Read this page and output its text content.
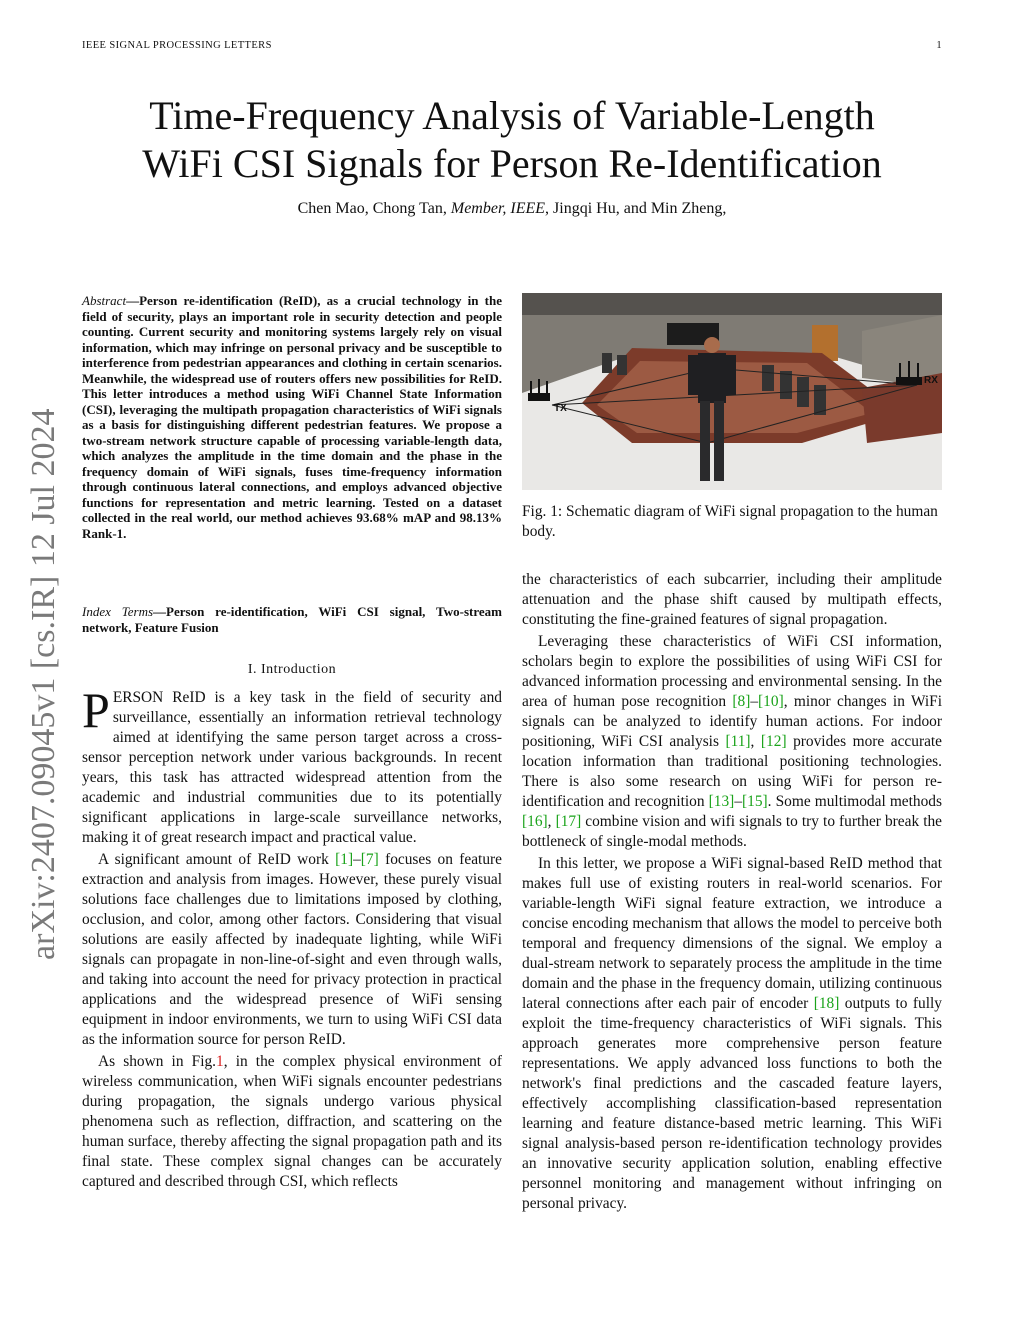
IEEE SIGNAL PROCESSING LETTERS	1
arXiv:2407.09045v1 [cs.IR] 12 Jul 2024
Time-Frequency Analysis of Variable-Length
WiFi CSI Signals for Person Re-Identification
Chen Mao, Chong Tan, Member, IEEE, Jingqi Hu, and Min Zheng,
Abstract—Person re-identification (ReID), as a crucial technology in the field of security, plays an important role in security detection and people counting. Current security and monitoring systems largely rely on visual information, which may infringe on personal privacy and be susceptible to interference from pedestrian appearances and clothing in certain scenarios. Meanwhile, the widespread use of routers offers new possibilities for ReID. This letter introduces a method using WiFi Channel State Information (CSI), leveraging the multipath propagation characteristics of WiFi signals as a basis for distinguishing different pedestrian features. We propose a two-stream network structure capable of processing variable-length data, which analyzes the amplitude in the time domain and the phase in the frequency domain of WiFi signals, fuses time-frequency information through continuous lateral connections, and employs advanced objective functions for representation and metric learning. Tested on a dataset collected in the real world, our method achieves 93.68% mAP and 98.13% Rank-1.
Index Terms—Person re-identification, WiFi CSI signal, Two-stream network, Feature Fusion
I. Introduction

PERSON ReID is a key task in the field of security and surveillance, essentially an information retrieval technology aimed at identifying the same person target across a cross-sensor perception network under various backgrounds. In recent years, this task has attracted widespread attention from the academic and industrial communities due to its potentially significant applications in large-scale surveillance networks, making it of great research impact and practical value.

A significant amount of ReID work [1]–[7] focuses on feature extraction and analysis from images. However, these purely visual solutions face challenges due to limitations imposed by clothing, occlusion, and color, among other factors. Considering that visual solutions are easily affected by inadequate lighting, while WiFi signals can propagate in non-line-of-sight and even through walls, and taking into account the need for privacy protection in practical applications and the widespread presence of WiFi sensing equipment in indoor environments, we turn to using WiFi CSI data as the information source for person ReID.

As shown in Fig.1, in the complex physical environment of wireless communication, when WiFi signals encounter pedestrians during propagation, the signals undergo various physical phenomena such as reflection, diffraction, and scattering on the human surface, thereby affecting the signal propagation path and its final state. These complex signal changes can be accurately captured and described through CSI, which reflects

TX
RX
Fig. 1: Schematic diagram of WiFi signal propagation to the human body.

the characteristics of each subcarrier, including their amplitude attenuation and the phase shift caused by multipath effects, constituting the fine-grained features of signal propagation.

Leveraging these characteristics of WiFi CSI information, scholars begin to explore the possibilities of using WiFi CSI for advanced information processing and environmental sensing. In the area of human pose recognition [8]–[10], minor changes in WiFi signals can be analyzed to identify human actions. For indoor positioning, WiFi CSI analysis [11], [12] provides more accurate location information than traditional positioning technologies. There is also some research on using WiFi for person re-identification and recognition [13]–[15]. Some multimodal methods [16], [17] combine vision and wifi signals to try to further break the bottleneck of single-modal methods.

In this letter, we propose a WiFi signal-based ReID method that makes full use of existing routers in real-world scenarios. For variable-length WiFi signal feature extraction, we introduce a concise encoding mechanism that allows the model to perceive both temporal and frequency dimensions of the signal. We employ a dual-stream network to separately process the amplitude in the time domain and the phase in the frequency domain, utilizing continuous lateral connections after each pair of encoder [18] outputs to fully exploit the time-frequency characteristics of WiFi signals. This approach generates more comprehensive person feature representations. We apply advanced loss functions to both the network's final predictions and the cascaded feature layers, effectively accomplishing classification-based representation learning and feature distance-based metric learning. This WiFi signal analysis-based person re-identification technology provides an innovative security application solution, enabling effective personnel monitoring and management without infringing on personal privacy.
